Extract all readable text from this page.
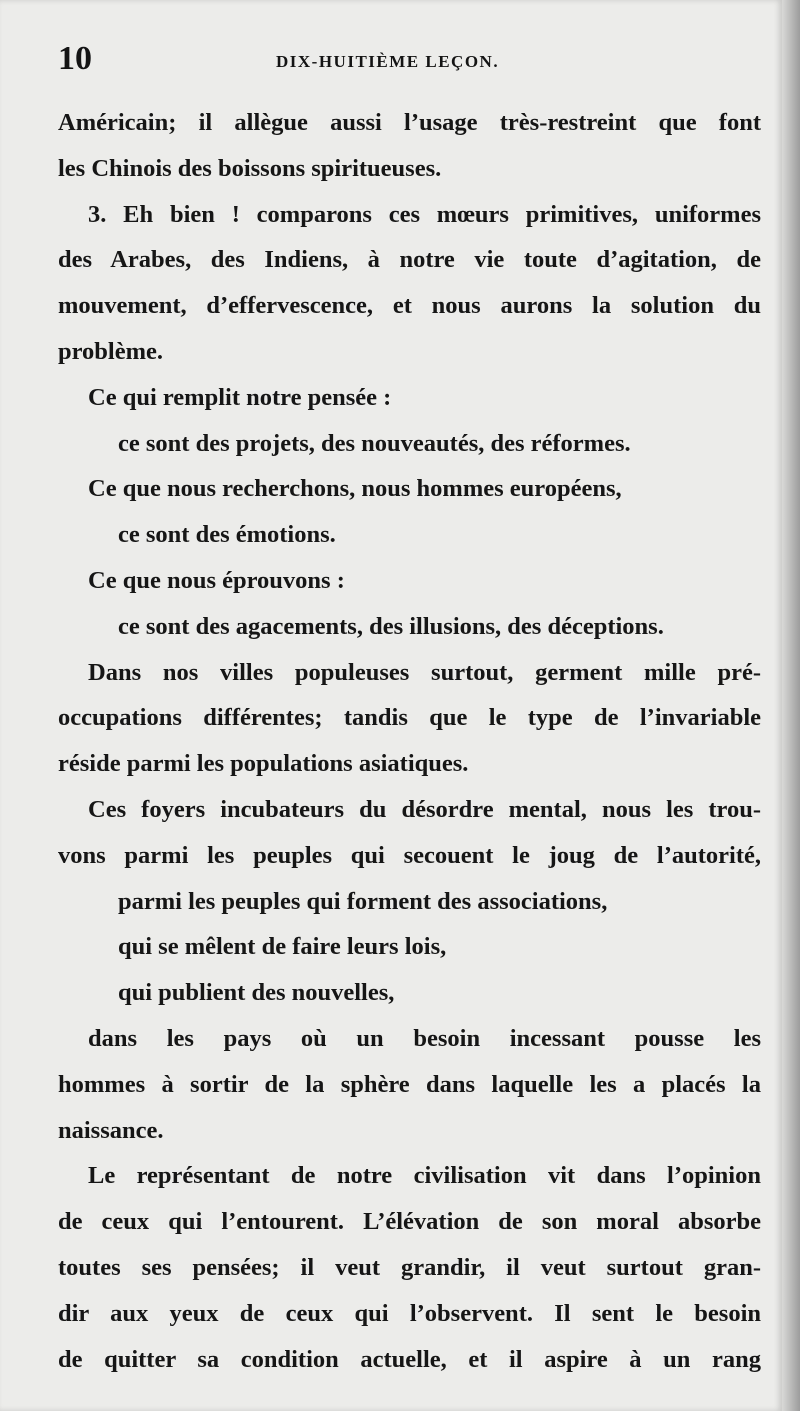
10	DIX-HUITIÈME LEÇON.
Américain; il allègue aussi l’usage très-restreint que font
les Chinois des boissons spiritueuses.
3. Eh bien ! comparons ces mœurs primitives, uniformes
des Arabes, des Indiens, à notre vie toute d’agitation, de
mouvement, d’effervescence, et nous aurons la solution du
problème.
Ce qui remplit notre pensée :
ce sont des projets, des nouveautés, des réformes.
Ce que nous recherchons, nous hommes européens,
ce sont des émotions.
Ce que nous éprouvons :
ce sont des agacements, des illusions, des déceptions.
Dans nos villes populeuses surtout, germent mille pré-
occupations différentes; tandis que le type de l’invariable
réside parmi les populations asiatiques.
Ces foyers incubateurs du désordre mental, nous les trou-
vons parmi les peuples qui secouent le joug de l’autorité,
parmi les peuples qui forment des associations,
qui se mêlent de faire leurs lois,
qui publient des nouvelles,
dans les pays où un besoin incessant pousse les
hommes à sortir de la sphère dans laquelle les a placés la
naissance.
Le représentant de notre civilisation vit dans l’opinion
de ceux qui l’entourent. L’élévation de son moral absorbe
toutes ses pensées; il veut grandir, il veut surtout gran-
dir aux yeux de ceux qui l’observent. Il sent le besoin
de quitter sa condition actuelle, et il aspire à un rang
